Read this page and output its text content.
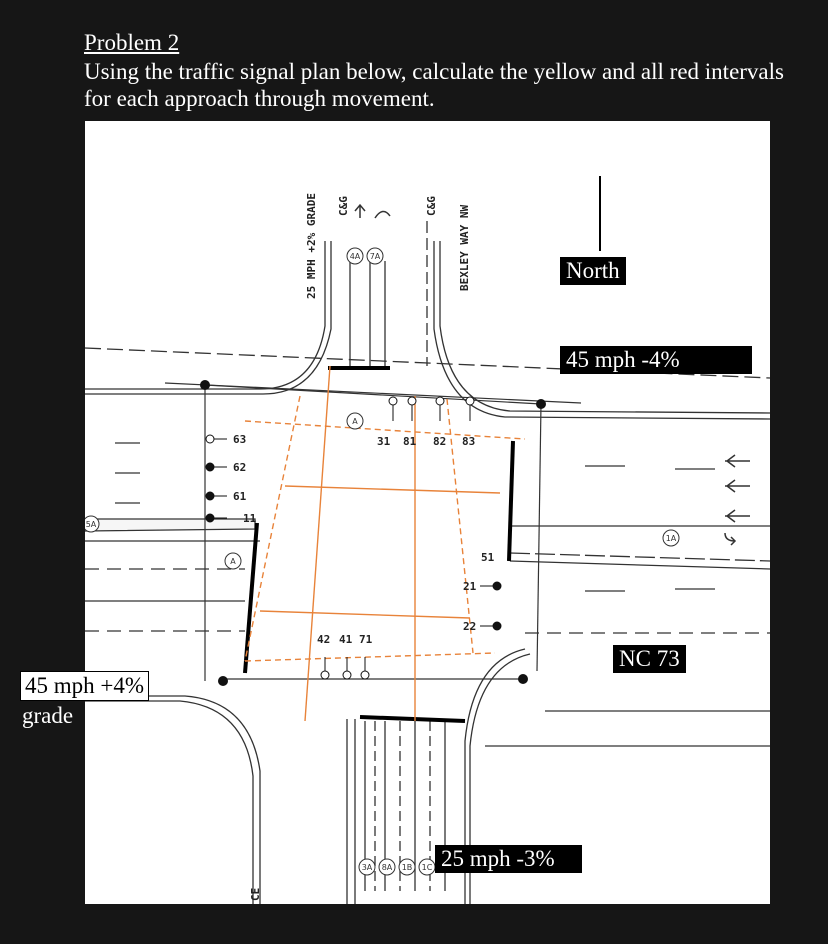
Problem 2

Using the traffic signal plan below, calculate the yellow and all red intervals for each approach through movement.

25 MPH +2% GRADE C&G	C&G BEXLEY WAY NW
CE
31 81 82 83
42 41 71
63
62
61
11
51
21
22
4A 7A
3A 8A 1B 1C
1A
5A
A
A
North
45 mph -4%
NC 73
25 mph -3%
45 mph +4%
grade
